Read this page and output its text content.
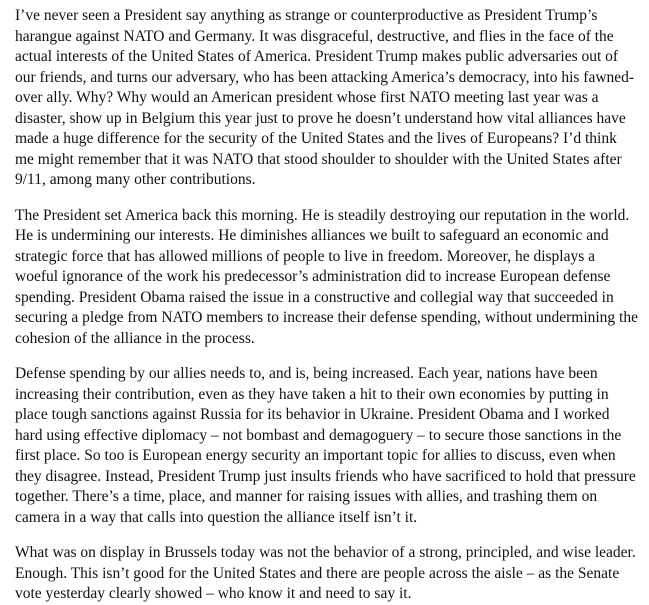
I’ve never seen a President say anything as strange or counterproductive as President Trump’s harangue against NATO and Germany. It was disgraceful, destructive, and flies in the face of the actual interests of the United States of America. President Trump makes public adversaries out of our friends, and turns our adversary, who has been attacking America’s democracy, into his fawned-over ally. Why? Why would an American president whose first NATO meeting last year was a disaster, show up in Belgium this year just to prove he doesn’t understand how vital alliances have made a huge difference for the security of the United States and the lives of Europeans? I’d think me might remember that it was NATO that stood shoulder to shoulder with the United States after 9/11, among many other contributions.

The President set America back this morning. He is steadily destroying our reputation in the world. He is undermining our interests. He diminishes alliances we built to safeguard an economic and strategic force that has allowed millions of people to live in freedom. Moreover, he displays a woeful ignorance of the work his predecessor’s administration did to increase European defense spending. President Obama raised the issue in a constructive and collegial way that succeeded in securing a pledge from NATO members to increase their defense spending, without undermining the cohesion of the alliance in the process.

Defense spending by our allies needs to, and is, being increased. Each year, nations have been increasing their contribution, even as they have taken a hit to their own economies by putting in place tough sanctions against Russia for its behavior in Ukraine. President Obama and I worked hard using effective diplomacy – not bombast and demagoguery – to secure those sanctions in the first place. So too is European energy security an important topic for allies to discuss, even when they disagree. Instead, President Trump just insults friends who have sacrificed to hold that pressure together. There’s a time, place, and manner for raising issues with allies, and trashing them on camera in a way that calls into question the alliance itself isn’t it.

What was on display in Brussels today was not the behavior of a strong, principled, and wise leader. Enough. This isn’t good for the United States and there are people across the aisle – as the Senate vote yesterday clearly showed – who know it and need to say it.
